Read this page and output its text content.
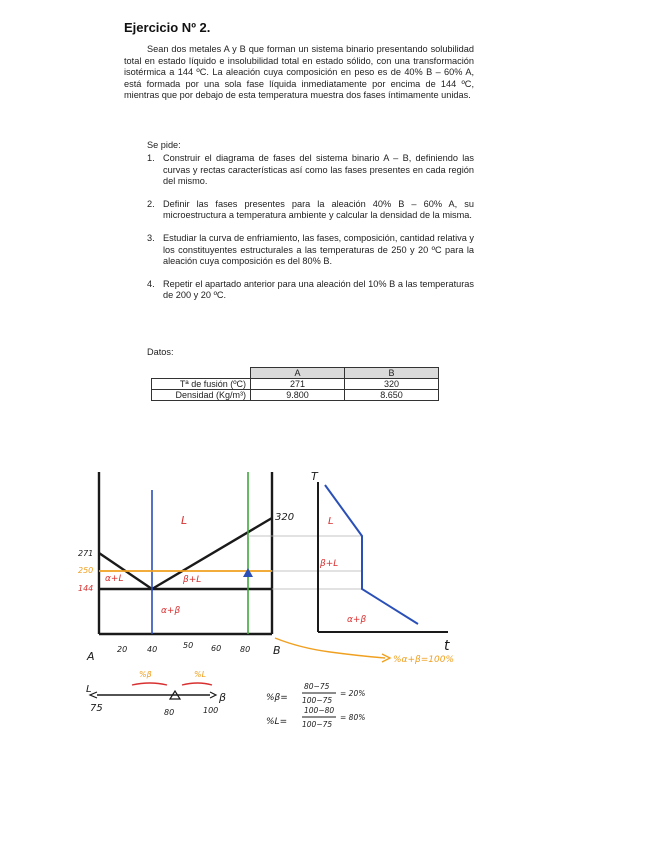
Ejercicio Nº 2.

Sean dos metales A y B que forman un sistema binario presentando solubilidad total en estado líquido e insolubilidad total en estado sólido, con una transformación isotérmica a 144 ºC. La aleación cuya composición en peso es de 40% B – 60% A, está formada por una sola fase líquida inmediatamente por encima de 144 ºC, mientras que por debajo de esta temperatura muestra dos fases íntimamente unidas.

Se pide:

1. Construir el diagrama de fases del sistema binario A – B, definiendo las curvas y rectas características así como las fases presentes en cada región del mismo.
2. Definir las fases presentes para la aleación 40% B – 60% A, su microestructura a temperatura ambiente y calcular la densidad de la misma.
3. Estudiar la curva de enfriamiento, las fases, composición, cantidad relativa y los constituyentes estructurales a las temperaturas de 250 y 20 ºC para la aleación cuya composición es del 80% B.
4. Repetir el apartado anterior para una aleación del 10% B a las temperaturas de 200 y 20 ºC.

Datos:

	A	B
Tª de fusión (ºC)	271	320
Densidad (Kg/m³)	9.800	8.650
271
250
144
320
20 40	50 60 80
A	B
L
α+L	β+L
α+β
T
t
L
β+L
α+β
%α+β=100%
%β	%L
L
β
75	80	100
%β=
80−75
100−75
= 20%
%L=
100−80
100−75
= 80%
